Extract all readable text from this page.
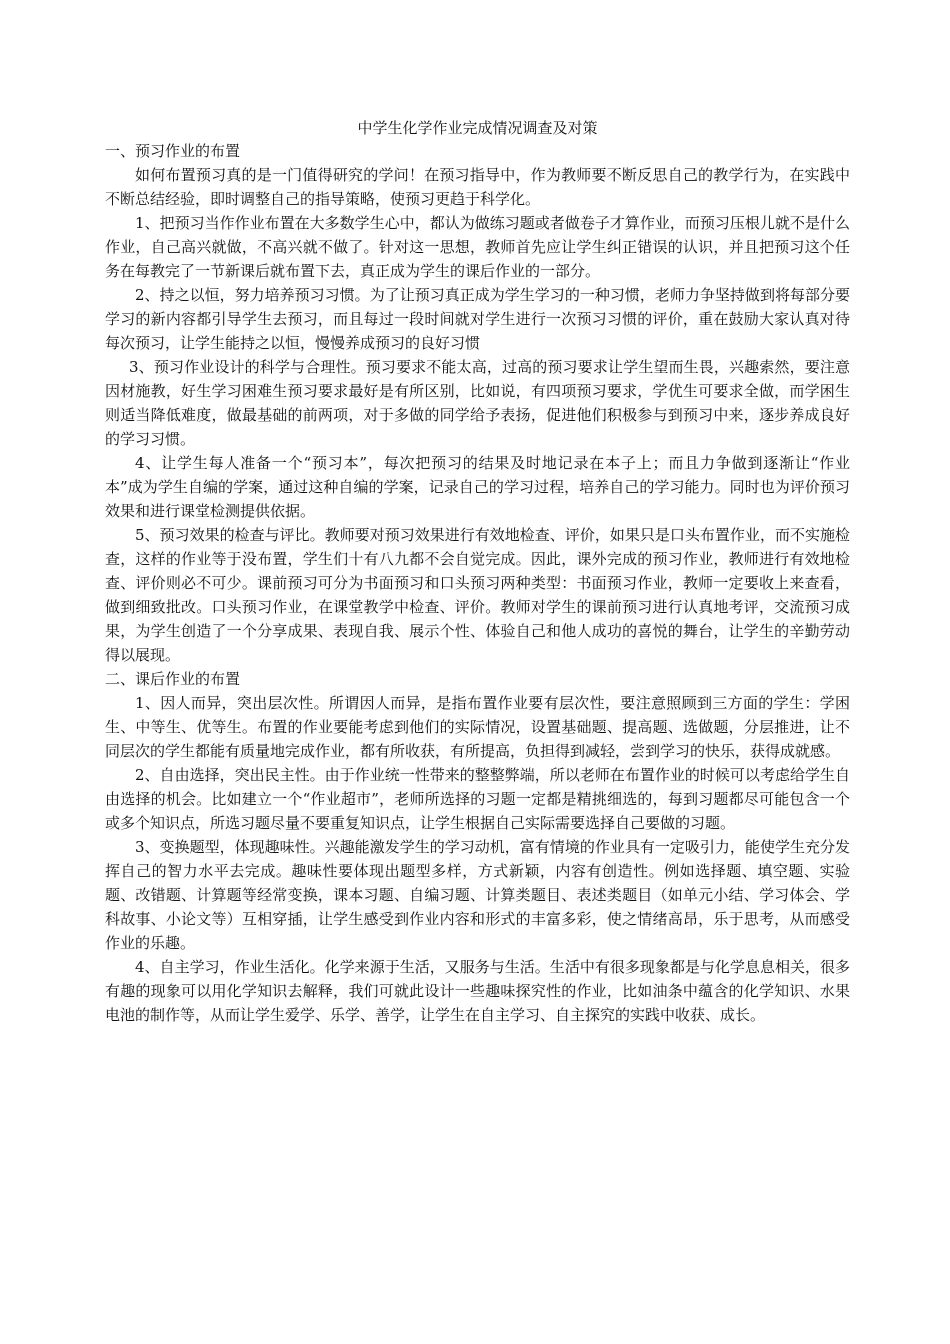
中学生化学作业完成情况调查及对策

一、预习作业的布置

如何布置预习真的是一门值得研究的学问！在预习指导中，作为教师要不断反思自己的教学行为，在实践中不断总结经验，即时调整自己的指导策略，使预习更趋于科学化。

1、把预习当作作业布置在大多数学生心中，都认为做练习题或者做卷子才算作业，而预习压根儿就不是什么作业，自己高兴就做，不高兴就不做了。针对这一思想，教师首先应让学生纠正错误的认识，并且把预习这个任务在每教完了一节新课后就布置下去，真正成为学生的课后作业的一部分。

2、持之以恒，努力培养预习习惯。为了让预习真正成为学生学习的一种习惯，老师力争坚持做到将每部分要学习的新内容都引导学生去预习，而且每过一段时间就对学生进行一次预习习惯的评价，重在鼓励大家认真对待每次预习，让学生能持之以恒，慢慢养成预习的良好习惯

3、预习作业设计的科学与合理性。预习要求不能太高，过高的预习要求让学生望而生畏，兴趣索然，要注意因材施教，好生学习困难生预习要求最好是有所区别，比如说，有四项预习要求，学优生可要求全做，而学困生则适当降低难度，做最基础的前两项，对于多做的同学给予表扬，促进他们积极参与到预习中来，逐步养成良好的学习习惯。

4、让学生每人准备一个“预习本”，每次把预习的结果及时地记录在本子上；而且力争做到逐渐让“作业本”成为学生自编的学案，通过这种自编的学案，记录自己的学习过程，培养自己的学习能力。同时也为评价预习效果和进行课堂检测提供依据。

5、预习效果的检查与评比。教师要对预习效果进行有效地检查、评价，如果只是口头布置作业，而不实施检查，这样的作业等于没布置，学生们十有八九都不会自觉完成。因此，课外完成的预习作业，教师进行有效地检查、评价则必不可少。课前预习可分为书面预习和口头预习两种类型：书面预习作业，教师一定要收上来查看，做到细致批改。口头预习作业，在课堂教学中检查、评价。教师对学生的课前预习进行认真地考评，交流预习成果，为学生创造了一个分享成果、表现自我、展示个性、体验自己和他人成功的喜悦的舞台，让学生的辛勤劳动得以展现。

二、课后作业的布置

1、因人而异，突出层次性。所谓因人而异，是指布置作业要有层次性，要注意照顾到三方面的学生：学困生、中等生、优等生。布置的作业要能考虑到他们的实际情况，设置基础题、提高题、选做题，分层推进，让不同层次的学生都能有质量地完成作业，都有所收获，有所提高，负担得到减轻，尝到学习的快乐，获得成就感。

2、自由选择，突出民主性。由于作业统一性带来的整整弊端，所以老师在布置作业的时候可以考虑给学生自由选择的机会。比如建立一个“作业超市”，老师所选择的习题一定都是精挑细选的，每到习题都尽可能包含一个或多个知识点，所选习题尽量不要重复知识点，让学生根据自己实际需要选择自己要做的习题。

3、变换题型，体现趣味性。兴趣能激发学生的学习动机，富有情境的作业具有一定吸引力，能使学生充分发挥自己的智力水平去完成。趣味性要体现出题型多样，方式新颖，内容有创造性。例如选择题、填空题、实验题、改错题、计算题等经常变换，课本习题、自编习题、计算类题目、表述类题目（如单元小结、学习体会、学科故事、小论文等）互相穿插，让学生感受到作业内容和形式的丰富多彩，使之情绪高昂，乐于思考，从而感受作业的乐趣。

4、自主学习，作业生活化。化学来源于生活，又服务与生活。生活中有很多现象都是与化学息息相关，很多有趣的现象可以用化学知识去解释，我们可就此设计一些趣味探究性的作业，比如油条中蕴含的化学知识、水果电池的制作等，从而让学生爱学、乐学、善学，让学生在自主学习、自主探究的实践中收获、成长。
